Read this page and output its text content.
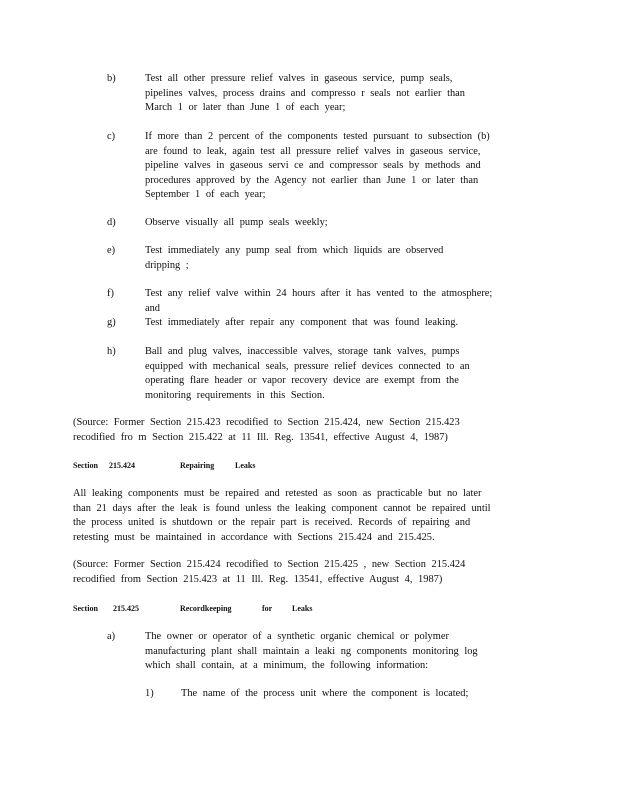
b)	Test all other pressure relief valves in gaseous service, pump seals,
pipelines valves, process drains and compresso r seals not earlier than
March 1 or later than June 1 of each year;
c)	If more than 2 percent of the components tested pursuant to subsection (b)
are found to leak, again test all pressure relief valves in gaseous service,
pipeline valves in gaseous servi ce and compressor seals by methods and
procedures approved by the Agency not earlier than June 1 or later than
September 1 of each year;
d)	Observe visually all pump seals weekly;
e)	Test immediately any pump seal from which liquids are observed
dripping ;
f)	Test any relief valve within 24 hours after it has vented to the atmosphere;
and
g)	Test immediately after repair any component that was found leaking.
h)	Ball and plug valves, inaccessible valves, storage tank valves, pumps
equipped with mechanical seals, pressure relief devices connected to an
operating flare header or vapor recovery device are exempt from the
monitoring requirements in this Section.
(Source: Former Section 215.423 recodified to Section 215.424, new Section 215.423
recodified fro m Section 215.422 at 11 Ill. Reg. 13541, effective August 4, 1987)
Section 215.424	Repairing	Leaks
All leaking components must be repaired and retested as soon as practicable but no later
than 21 days after the leak is found unless the leaking component cannot be repaired until
the process united is shutdown or the repair part is received. Records of repairing and
retesting must be maintained in accordance with Sections 215.424 and 215.425.
(Source: Former Section 215.424 recodified to Section 215.425 , new Section 215.424
recodified from Section 215.423 at 11 Ill. Reg. 13541, effective August 4, 1987)
Section 215.425	Recordkeeping	for Leaks
a)	The owner or operator of a synthetic organic chemical or polymer
manufacturing plant shall maintain a leaki ng components monitoring log
which shall contain, at a minimum, the following information:
1)	The name of the process unit where the component is located;
